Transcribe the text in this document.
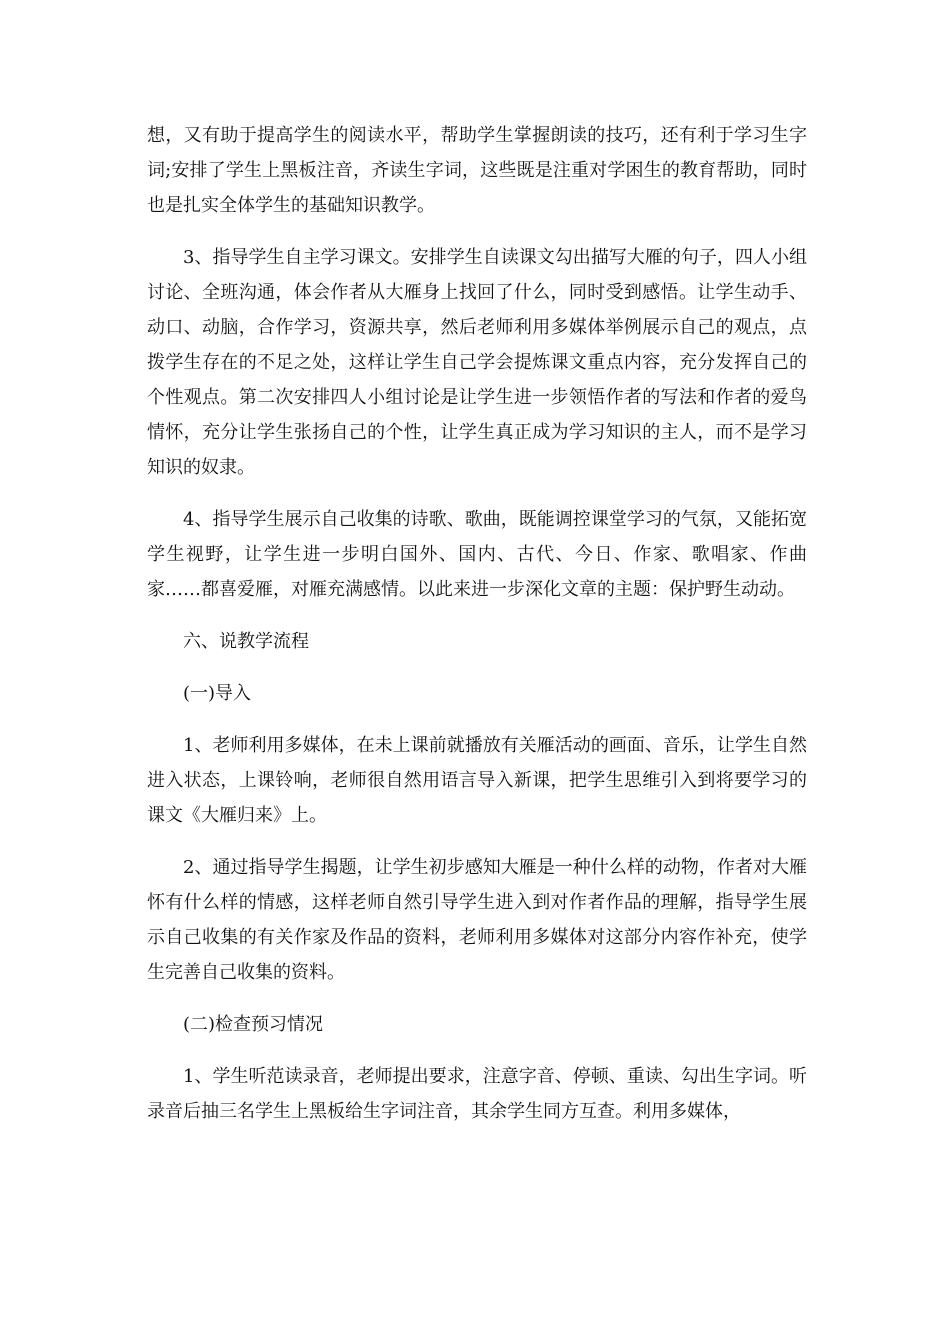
想，又有助于提高学生的阅读水平，帮助学生掌握朗读的技巧，还有利于学习生字词;安排了学生上黑板注音，齐读生字词，这些既是注重对学困生的教育帮助，同时也是扎实全体学生的基础知识教学。

3、指导学生自主学习课文。安排学生自读课文勾出描写大雁的句子，四人小组讨论、全班沟通，体会作者从大雁身上找回了什么，同时受到感悟。让学生动手、动口、动脑，合作学习，资源共享，然后老师利用多媒体举例展示自己的观点，点拨学生存在的不足之处，这样让学生自己学会提炼课文重点内容，充分发挥自己的个性观点。第二次安排四人小组讨论是让学生进一步领悟作者的写法和作者的爱鸟情怀，充分让学生张扬自己的个性，让学生真正成为学习知识的主人，而不是学习知识的奴隶。

4、指导学生展示自己收集的诗歌、歌曲，既能调控课堂学习的气氛，又能拓宽学生视野，让学生进一步明白国外、国内、古代、今日、作家、歌唱家、作曲家……都喜爱雁，对雁充满感情。以此来进一步深化文章的主题：保护野生动动。

六、说教学流程

(一)导入

1、老师利用多媒体，在未上课前就播放有关雁活动的画面、音乐，让学生自然进入状态，上课铃响，老师很自然用语言导入新课，把学生思维引入到将要学习的课文《大雁归来》上。

2、通过指导学生揭题，让学生初步感知大雁是一种什么样的动物，作者对大雁怀有什么样的情感，这样老师自然引导学生进入到对作者作品的理解，指导学生展示自己收集的有关作家及作品的资料，老师利用多媒体对这部分内容作补充，使学生完善自己收集的资料。

(二)检查预习情况

1、学生听范读录音，老师提出要求，注意字音、停顿、重读、勾出生字词。听录音后抽三名学生上黑板给生字词注音，其余学生同方互查。利用多媒体，
